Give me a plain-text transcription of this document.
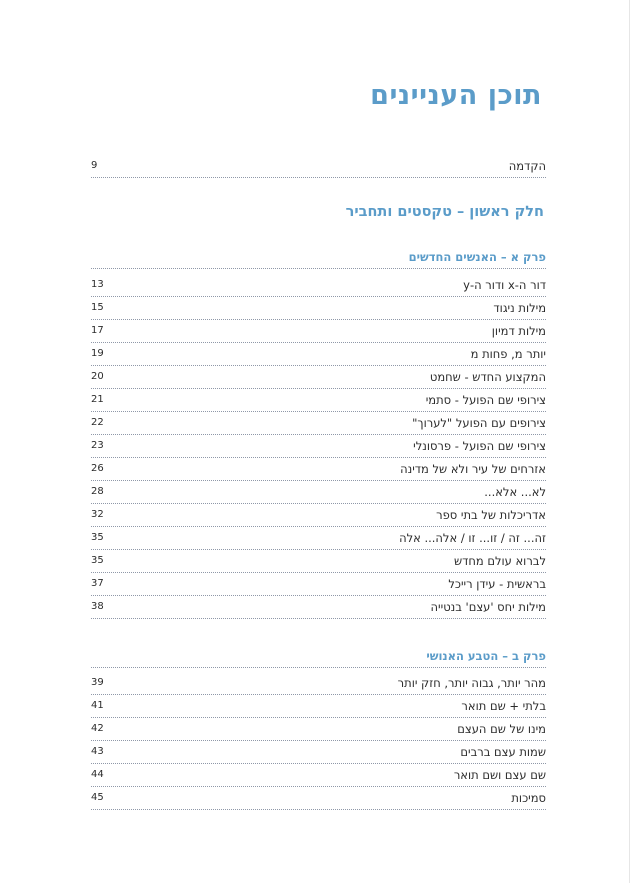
תוכן העניינים
הקדמה
9
חלק ראשון – טקסטים ותחביר
פרק א – האנשים החדשים
דור ה-x ודור ה-y
13
מילות ניגוד
15
מילות דמיון
17
יותר מ, פחות מ
19
המקצוע החדש - שחמט
20
צירופי שם הפועל - סתמי
21
צירופים עם הפועל "לערוך"
22
צירופי שם הפועל - פרסונלי
23
אזרחים של עיר ולא של מדינה
26
לא... אלא...
28
אדריכלות של בתי ספר
32
זה... זה / זו... זו / אלה... אלה
35
לברוא עולם מחדש
35
בראשית - עידן רייכל
37
מילות יחס 'עצם' בנטייה
38
פרק ב – הטבע האנושי
מהר יותר, גבוה יותר, חזק יותר
39
בלתי + שם תואר
41
מינו של שם העצם
42
שמות עצם ברבים
43
שם עצם ושם תואר
44
סמיכות
45
